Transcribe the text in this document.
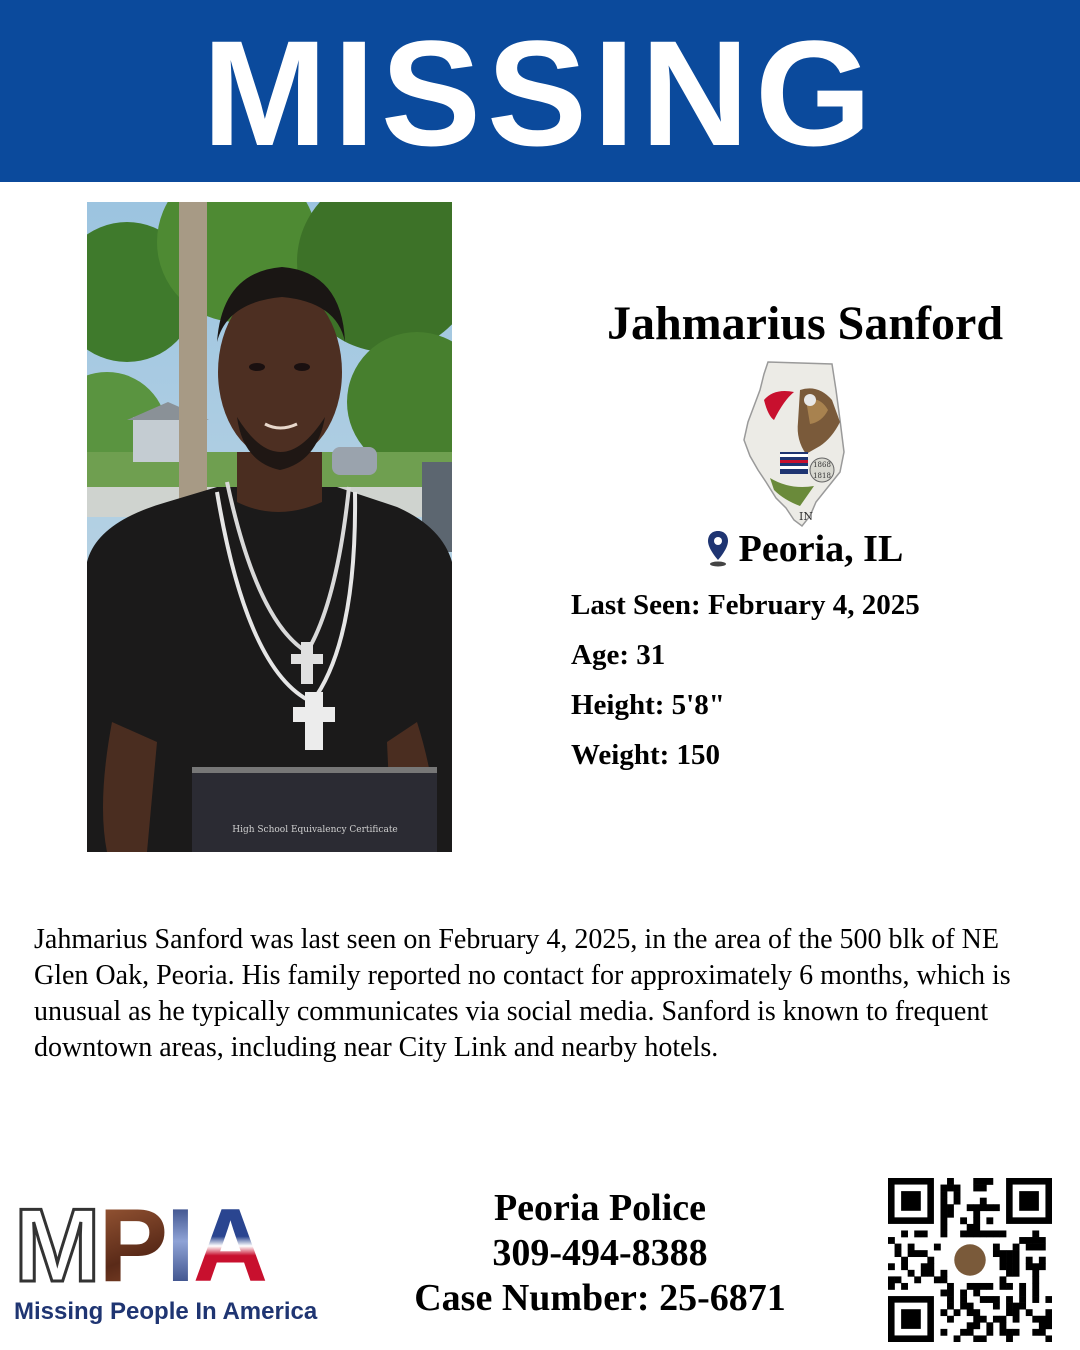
MISSING
High School Equivalency Certificate
Jahmarius Sanford
1868
1818
IN
Peoria, IL
Last Seen: February 4, 2025
Age: 31
Height: 5'8"
Weight: 150
Jahmarius Sanford was last seen on February 4, 2025, in the area of the 500 blk of NE Glen Oak, Peoria. His family reported no contact for approximately 6 months, which is unusual as he typically communicates via social media. Sanford is known to frequent downtown areas, including near City Link and nearby hotels.
M P I A
Missing People In America
Peoria Police
309-494-8388
Case Number: 25-6871
